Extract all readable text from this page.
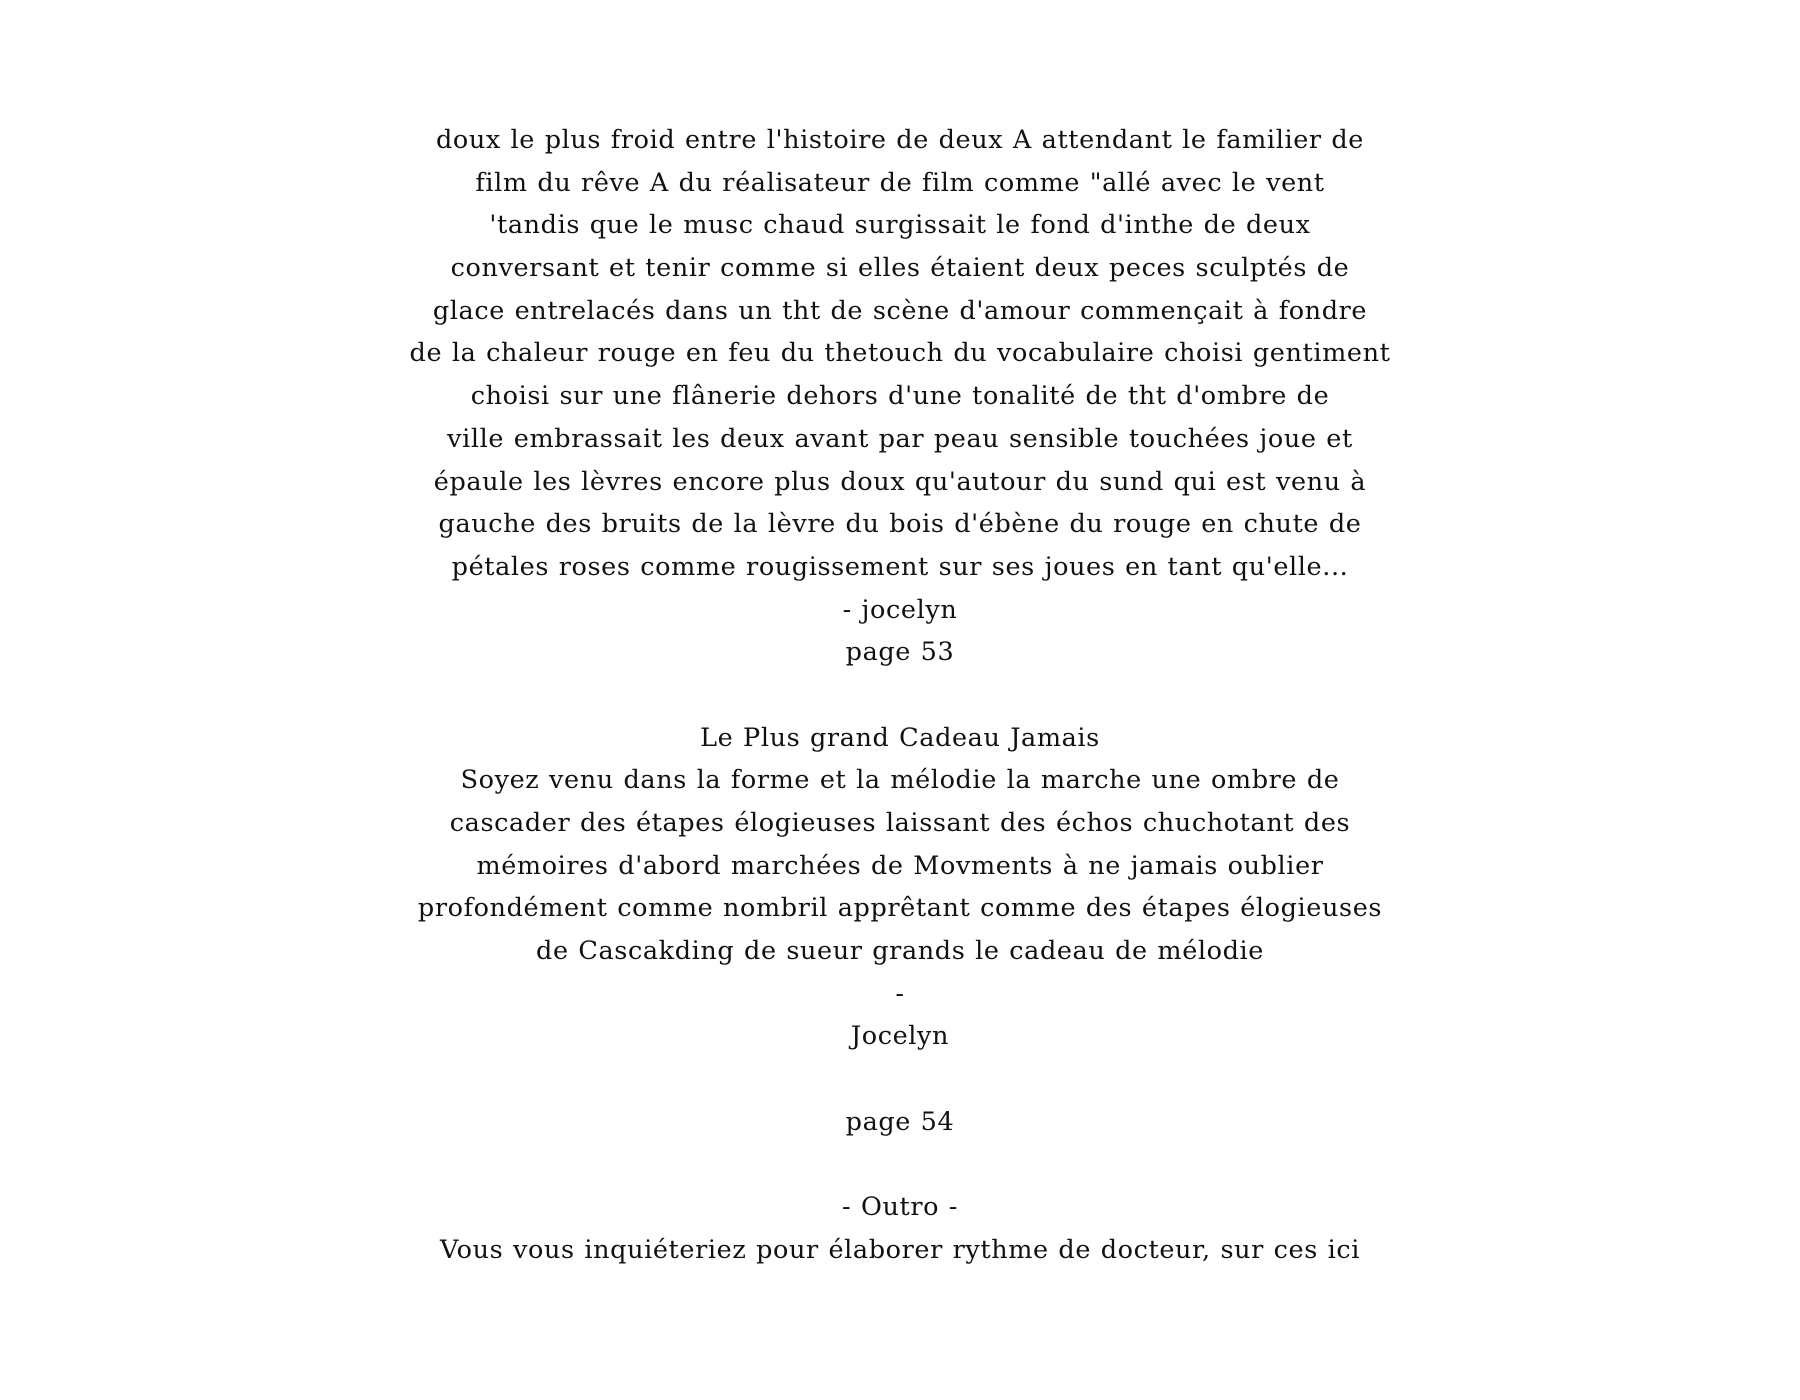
doux le plus froid entre l'histoire de deux A attendant le familier de
film du rêve A du réalisateur de film comme "allé avec le vent
'tandis que le musc chaud surgissait le fond d'inthe de deux
conversant et tenir comme si elles étaient deux peces sculptés de
glace entrelacés dans un tht de scène d'amour commençait à fondre
de la chaleur rouge en feu du thetouch du vocabulaire choisi gentiment
choisi sur une flânerie dehors d'une tonalité de tht d'ombre de
ville embrassait les deux avant par peau sensible touchées joue et
épaule les lèvres encore plus doux qu'autour du sund qui est venu à
gauche des bruits de la lèvre du bois d'ébène du rouge en chute de
pétales roses comme rougissement sur ses joues en tant qu'elle...
- jocelyn
page 53
Le Plus grand Cadeau Jamais
Soyez venu dans la forme et la mélodie la marche une ombre de
cascader des étapes élogieuses laissant des échos chuchotant des
mémoires d'abord marchées de Movments à ne jamais oublier
profondément comme nombril apprêtant comme des étapes élogieuses
de Cascakding de sueur grands le cadeau de mélodie
-
Jocelyn
page 54
- Outro -
Vous vous inquiéteriez pour élaborer rythme de docteur, sur ces ici
